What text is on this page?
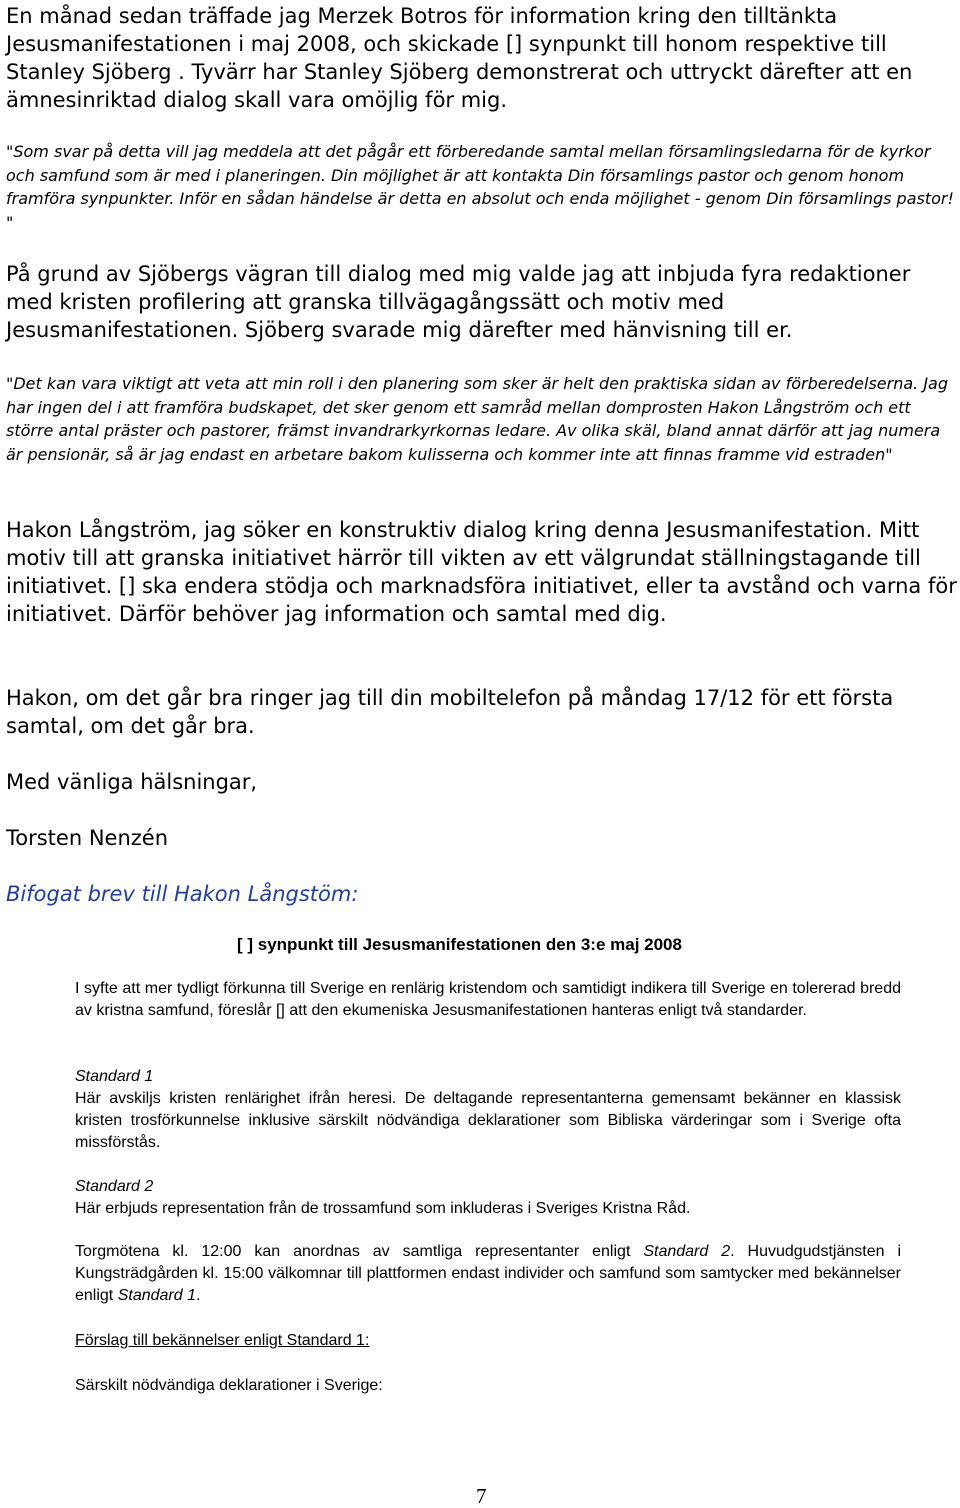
En månad sedan träffade jag Merzek Botros för information kring den tilltänkta Jesusmanifestationen i maj 2008, och skickade [] synpunkt till honom respektive till Stanley Sjöberg . Tyvärr har Stanley Sjöberg demonstrerat och uttryckt därefter att en ämnesinriktad dialog skall vara omöjlig för mig.

"Som svar på detta vill jag meddela att det pågår ett förberedande samtal mellan församlingsledarna för de kyrkor och samfund som är med i planeringen. Din möjlighet är att kontakta Din församlings pastor och genom honom framföra synpunkter. Inför en sådan händelse är detta en absolut och enda möjlighet - genom Din församlings pastor! "

På grund av Sjöbergs vägran till dialog med mig valde jag att inbjuda fyra redaktioner med kristen profilering att granska tillvägagångssätt och motiv med Jesusmanifestationen. Sjöberg svarade mig därefter med hänvisning till er.

"Det kan vara viktigt att veta att min roll i den planering som sker är helt den praktiska sidan av förberedelserna. Jag har ingen del i att framföra budskapet, det sker genom ett samråd mellan domprosten Hakon Långström och ett större antal präster och pastorer, främst invandrarkyrkornas ledare. Av olika skäl, bland annat därför att jag numera är pensionär, så är jag endast en arbetare bakom kulisserna och kommer inte att finnas framme vid estraden"

Hakon Långström, jag söker en konstruktiv dialog kring denna Jesusmanifestation. Mitt motiv till att granska initiativet härrör till vikten av ett välgrundat ställningstagande till initiativet. [] ska endera stödja och marknadsföra initiativet, eller ta avstånd och varna för initiativet. Därför behöver jag information och samtal med dig.

Hakon, om det går bra ringer jag till din mobiltelefon på måndag 17/12 för ett första samtal, om det går bra.

Med vänliga hälsningar,

Torsten Nenzén

Bifogat brev till Hakon Långstöm:

[ ] synpunkt till Jesusmanifestationen den 3:e maj 2008

I syfte att mer tydligt förkunna till Sverige en renlärig kristendom och samtidigt indikera till Sverige en tolererad bredd av kristna samfund, föreslår [] att den ekumeniska Jesusmanifestationen hanteras enligt två standarder.

Standard 1
Här avskiljs kristen renlärighet ifrån heresi. De deltagande representanterna gemensamt bekänner en klassisk kristen trosförkunnelse inklusive särskilt nödvändiga deklarationer som Bibliska värderingar som i Sverige ofta missförstås.
Standard 2
Här erbjuds representation från de trossamfund som inkluderas i Sveriges Kristna Råd.

Torgmötena kl. 12:00 kan anordnas av samtliga representanter enligt Standard 2. Huvudgudstjänsten i Kungsträdgården kl. 15:00 välkomnar till plattformen endast individer och samfund som samtycker med bekännelser enligt Standard 1.

Förslag till bekännelser enligt Standard 1:

Särskilt nödvändiga deklarationer i Sverige:

7
